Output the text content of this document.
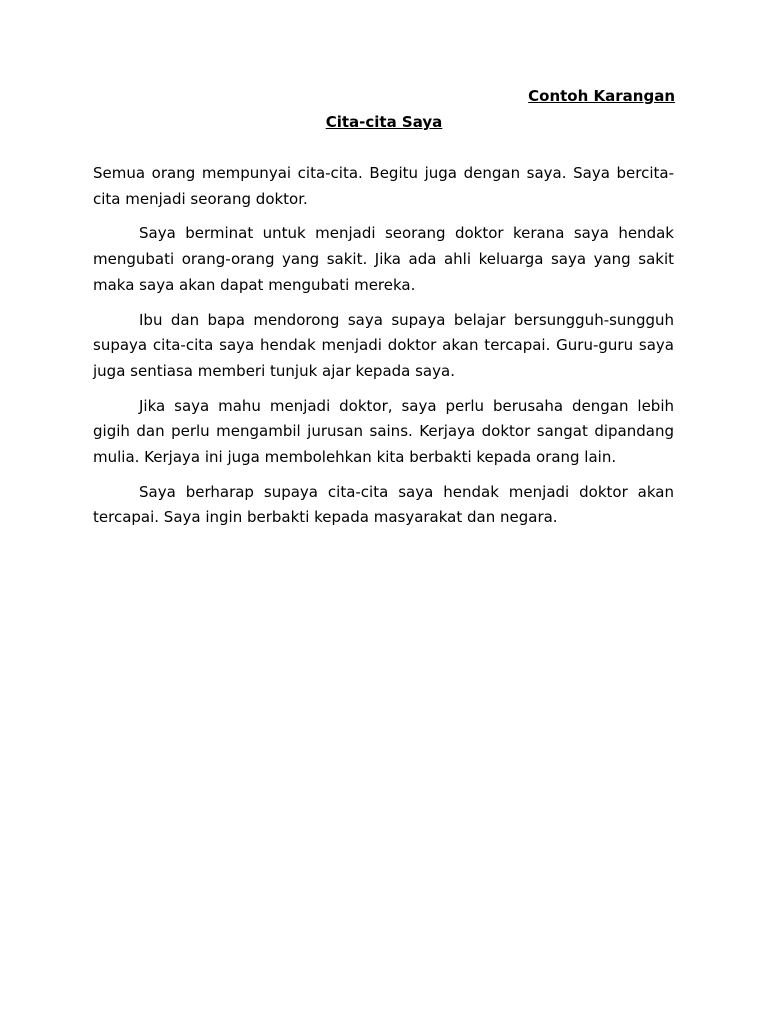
Contoh Karangan
Cita-cita Saya

Semua orang mempunyai cita-cita. Begitu juga dengan saya. Saya bercita-cita menjadi seorang doktor.

Saya berminat untuk menjadi seorang doktor kerana saya hendak mengubati orang-orang yang sakit. Jika ada ahli keluarga saya yang sakit maka saya akan dapat mengubati mereka.

Ibu dan bapa mendorong saya supaya belajar bersungguh-sungguh supaya cita-cita saya hendak menjadi doktor akan tercapai. Guru-guru saya juga sentiasa memberi tunjuk ajar kepada saya.

Jika saya mahu menjadi doktor, saya perlu berusaha dengan lebih gigih dan perlu mengambil jurusan sains. Kerjaya doktor sangat dipandang mulia. Kerjaya ini juga membolehkan kita berbakti kepada orang lain.

Saya berharap supaya cita-cita saya hendak menjadi doktor akan tercapai. Saya ingin berbakti kepada masyarakat dan negara.
